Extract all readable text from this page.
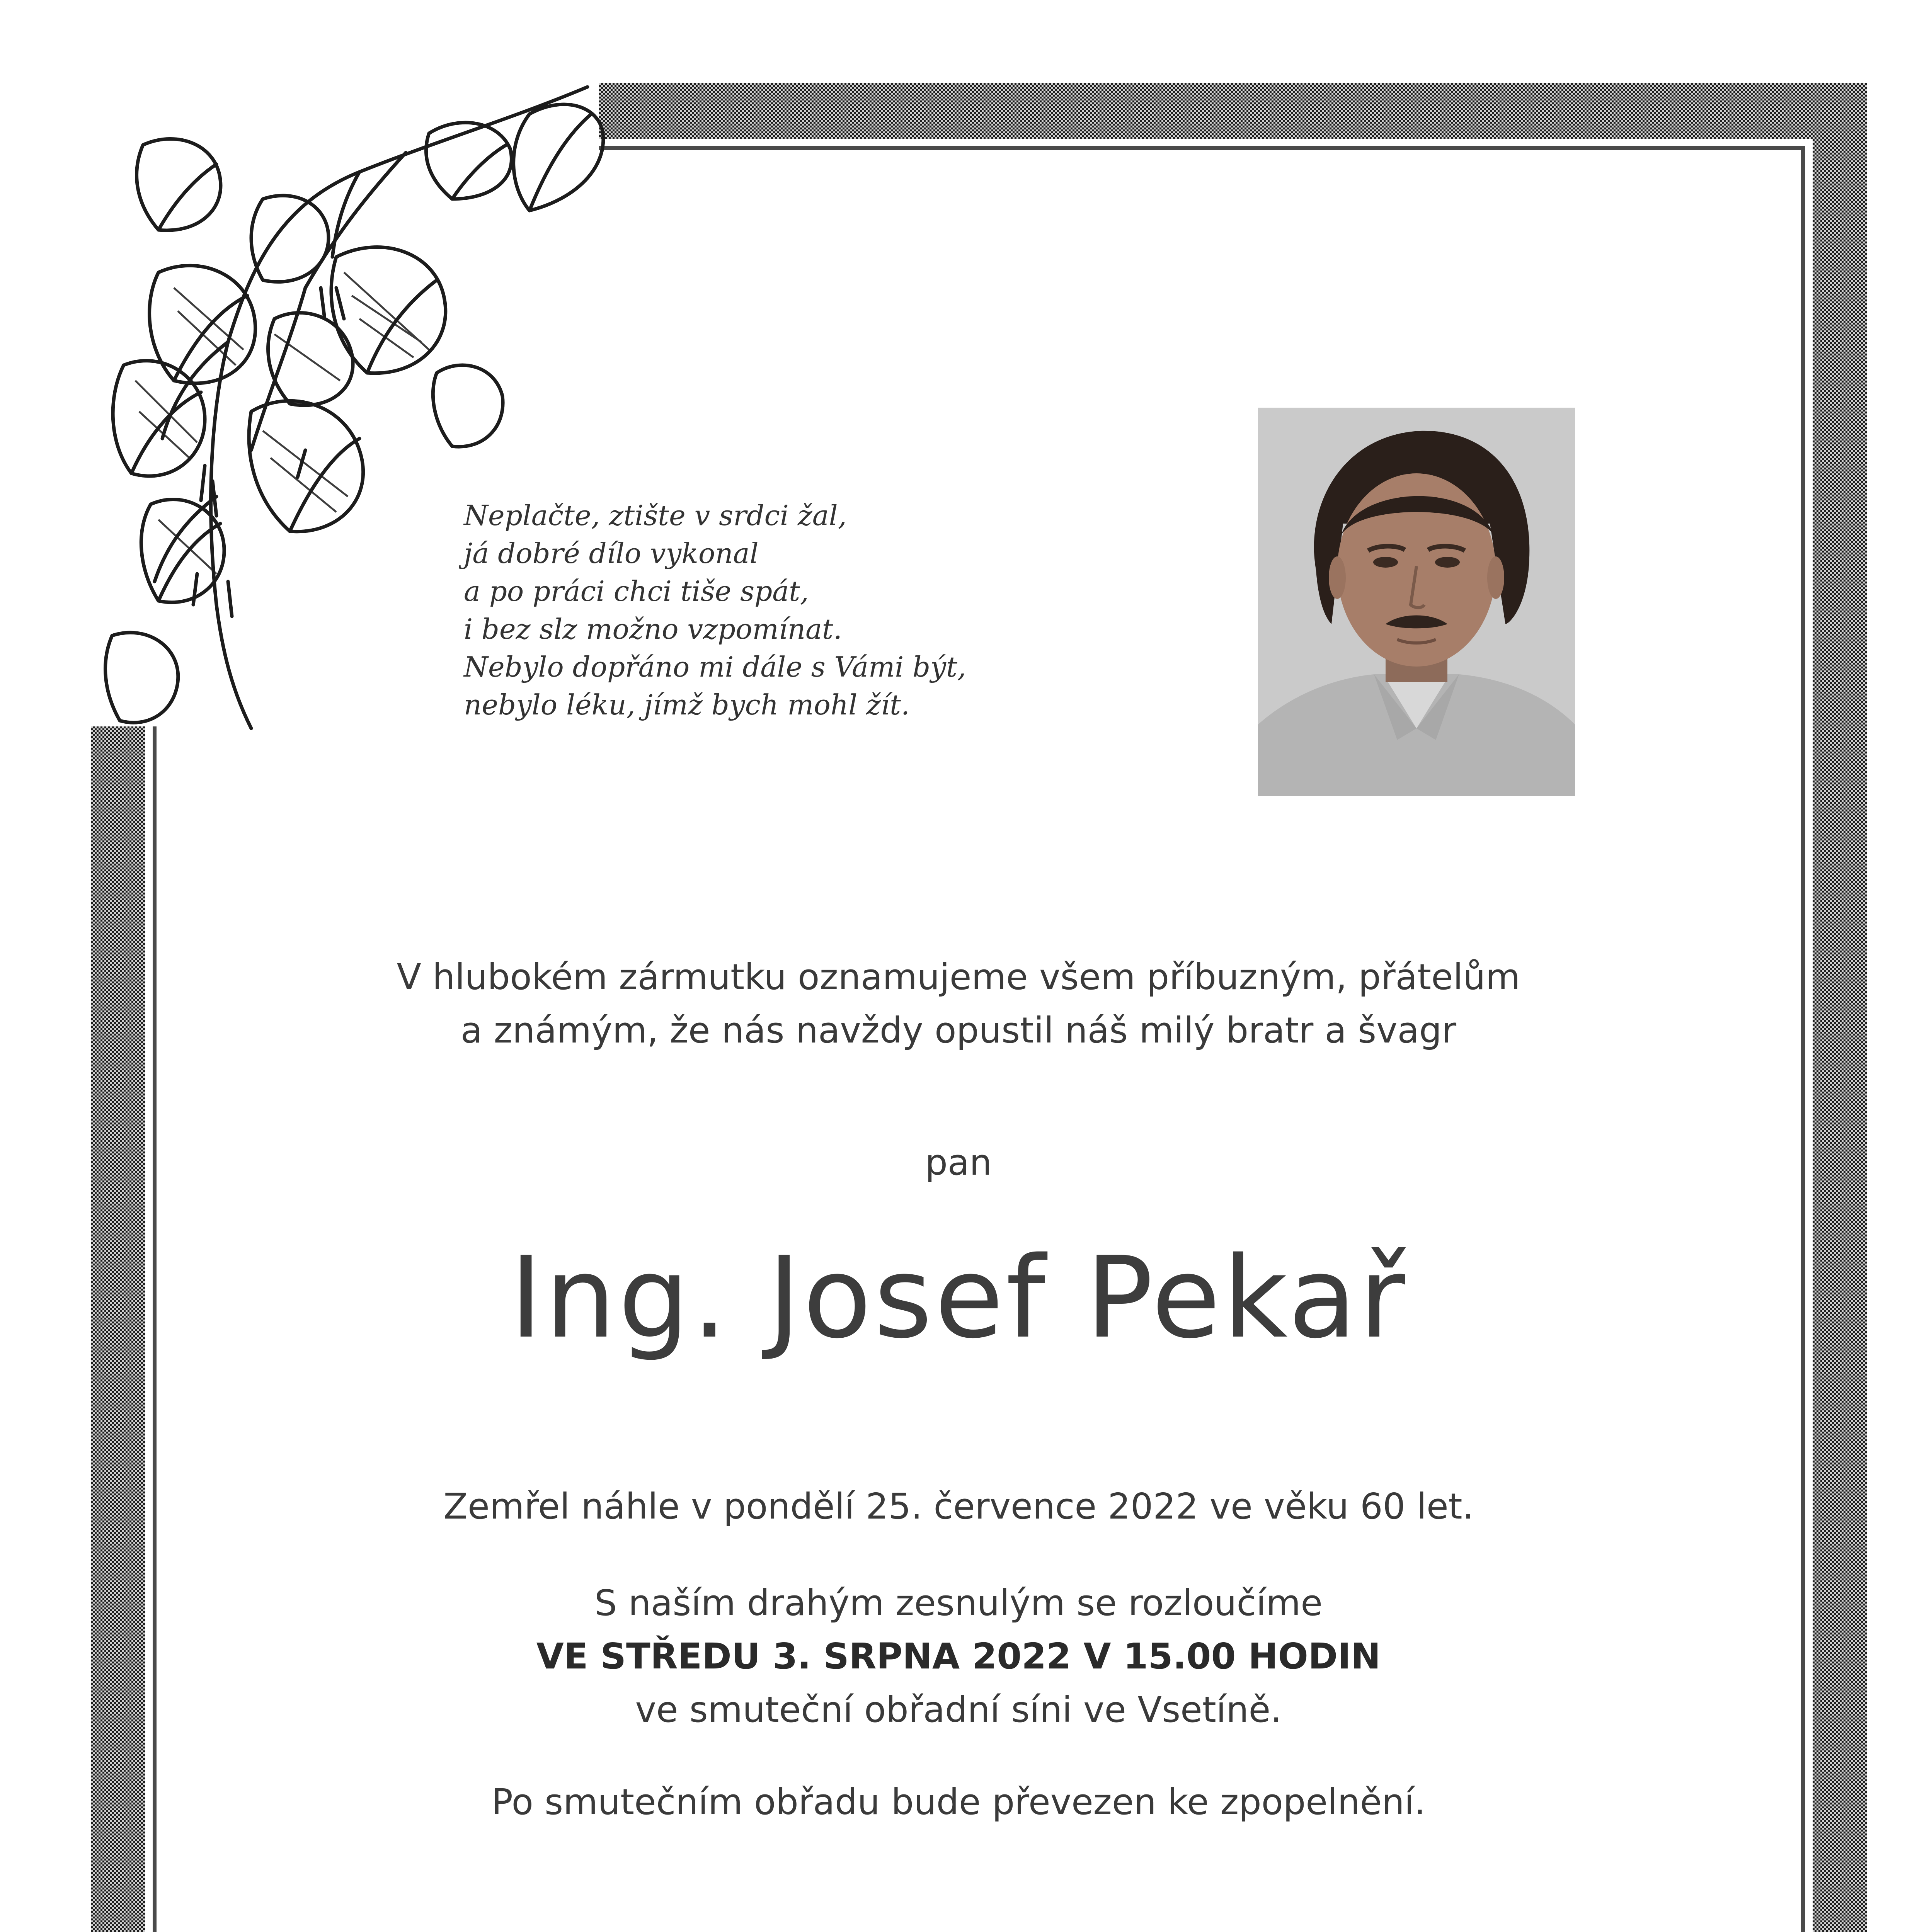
Neplačte, ztište v srdci žal,
já dobré dílo vykonal
a po práci chci tiše spát,
i bez slz možno vzpomínat.
Nebylo dopřáno mi dále s Vámi být,
nebylo léku, jímž bych mohl žít.
V hlubokém zármutku oznamujeme všem příbuzným, přátelům
a známým, že nás navždy opustil náš milý bratr a švagr
pan
Ing. Josef Pekař
Zemřel náhle v pondělí 25. července 2022 ve věku 60 let.
S naším drahým zesnulým se rozloučíme
VE STŘEDU 3. SRPNA 2022 V 15.00 HODIN
ve smuteční obřadní síni ve Vsetíně.
Po smutečním obřadu bude převezen ke zpopelnění.
